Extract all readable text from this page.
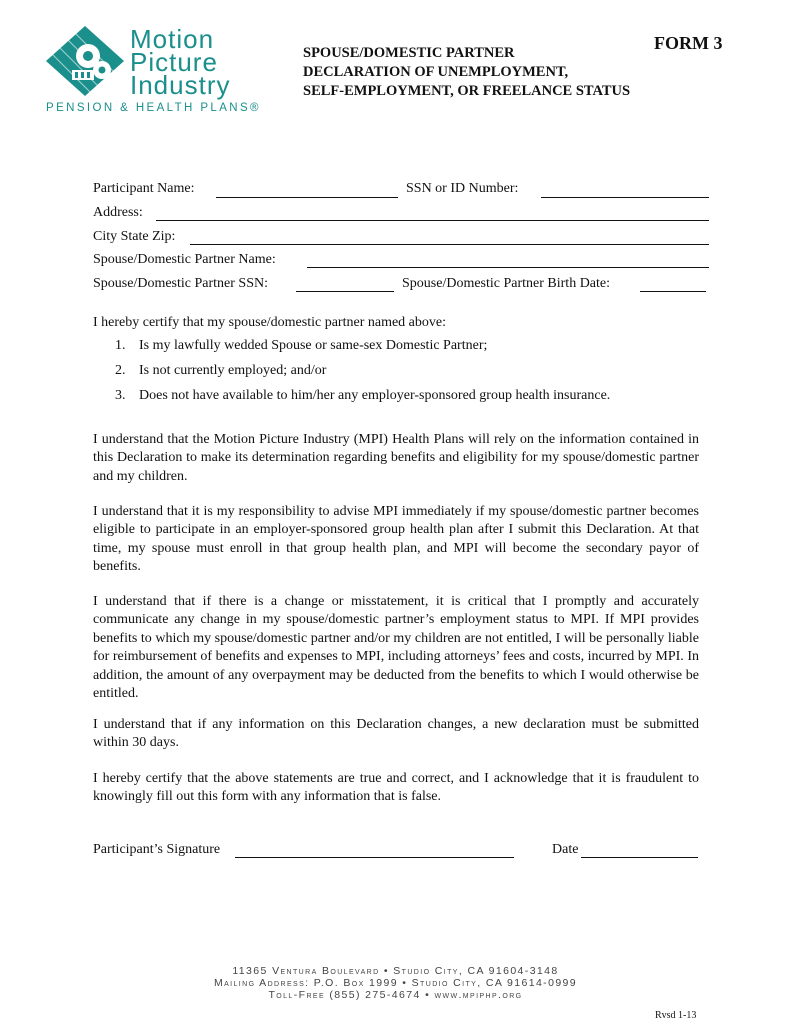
Motion
Picture
Industry
PENSION & HEALTH PLANS®
SPOUSE/DOMESTIC PARTNER
DECLARATION OF UNEMPLOYMENT,
SELF-EMPLOYMENT, OR FREELANCE STATUS
FORM 3
Participant Name:	SSN or ID Number:
Address:
City State Zip:
Spouse/Domestic Partner Name:
Spouse/Domestic Partner SSN:	Spouse/Domestic Partner Birth Date:
I hereby certify that my spouse/domestic partner named above:
1. Is my lawfully wedded Spouse or same-sex Domestic Partner;
2. Is not currently employed; and/or
3. Does not have available to him/her any employer-sponsored group health insurance.
I understand that the Motion Picture Industry (MPI) Health Plans will rely on the information contained in this Declaration to make its determination regarding benefits and eligibility for my spouse/domestic partner and my children.
I understand that it is my responsibility to advise MPI immediately if my spouse/domestic partner becomes eligible to participate in an employer-sponsored group health plan after I submit this Declaration. At that time, my spouse must enroll in that group health plan, and MPI will become the secondary payor of benefits.
I understand that if there is a change or misstatement, it is critical that I promptly and accurately communicate any change in my spouse/domestic partner’s employment status to MPI. If MPI provides benefits to which my spouse/domestic partner and/or my children are not entitled, I will be personally liable for reimbursement of benefits and expenses to MPI, including attorneys’ fees and costs, incurred by MPI. In addition, the amount of any overpayment may be deducted from the benefits to which I would otherwise be entitled.
I understand that if any information on this Declaration changes, a new declaration must be submitted within 30 days.
I hereby certify that the above statements are true and correct, and I acknowledge that it is fraudulent to knowingly fill out this form with any information that is false.
Participant’s Signature	Date
11365 Ventura Boulevard • Studio City, CA 91604-3148
Mailing Address: P.O. Box 1999 • Studio City, CA 91614-0999
Toll-Free (855) 275-4674 • www.mpiphp.org
Rvsd 1-13
